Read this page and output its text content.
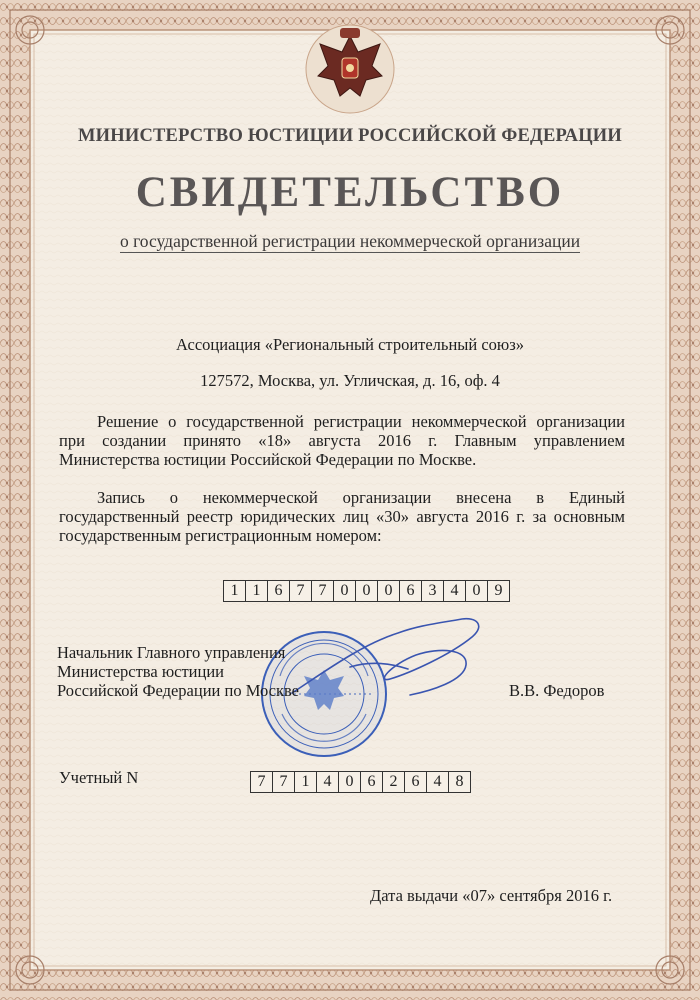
МИНИСТЕРСТВО ЮСТИЦИИ РОССИЙСКОЙ ФЕДЕРАЦИИ
СВИДЕТЕЛЬСТВО
о государственной регистрации некоммерческой организации
Ассоциация «Региональный строительный союз»
127572, Москва, ул. Угличская, д. 16, оф. 4
Решение о государственной регистрации некоммерческой организации
при создании принято «18» августа 2016 г. Главным управлением
Министерства юстиции Российской Федерации по Москве.
Запись о некоммерческой организации внесена в Единый
государственный реестр юридических лиц «30» августа 2016 г. за основным
государственным регистрационным номером:
1 1 6 7 7 0 0 0 6 3 4 0 9
Начальник Главного управления
Министерства юстиции
Российской Федерации по Москве	В.В. Федоров
Учетный N	7 7 1 4 0 6 2 6 4 8
Дата выдачи «07» сентября 2016 г.
